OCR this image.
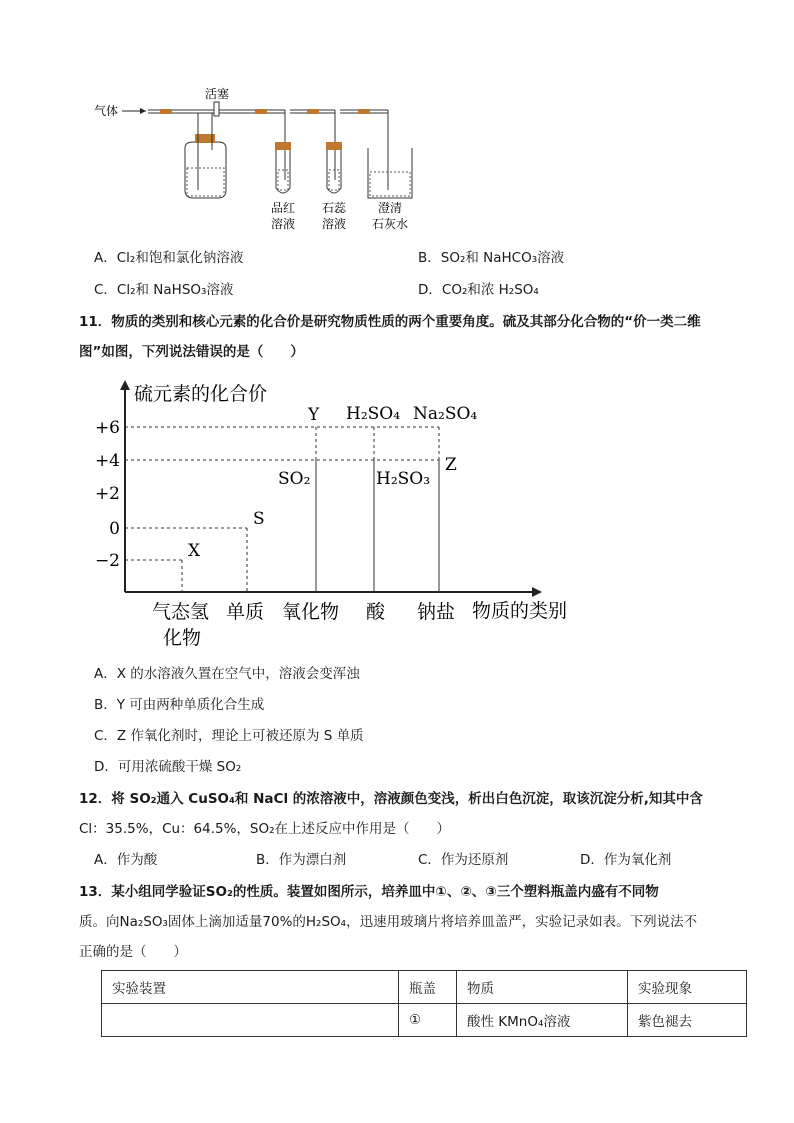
气体
活塞
品红
溶液
石蕊
溶液
澄清
石灰水
A．Cl₂和饱和氯化钠溶液	B．SO₂和 NaHCO₃溶液
C．Cl₂和 NaHSO₃溶液	D．CO₂和浓 H₂SO₄
11．物质的类别和核心元素的化合价是研究物质性质的两个重要角度。硫及其部分化合物的“价一类二维
图”如图，下列说法错误的是（　　）
+6
+4
+2
0
−2
气态氢
化物
单质 氧化物 酸 钠盐
X
S
Y
SO₂
H₂SO₄
H₂SO₃
Na₂SO₄
Z
硫元素的化合价
物质的类别
A．X 的水溶液久置在空气中，溶液会变浑浊
B．Y 可由两种单质化合生成
C．Z 作氧化剂时，理论上可被还原为 S 单质
D．可用浓硫酸干燥 SO₂
12．将 SO₂通入 CuSO₄和 NaCl 的浓溶液中，溶液颜色变浅，析出白色沉淀，取该沉淀分析,知其中含
Cl：35.5%，Cu：64.5%，SO₂在上述反应中作用是（　　）
A．作为酸	B．作为漂白剂	C．作为还原剂	D．作为氧化剂
13．某小组同学验证SO₂的性质。装置如图所示，培养皿中①、②、③三个塑料瓶盖内盛有不同物
质。向Na₂SO₃固体上滴加适量70%的H₂SO₄，迅速用玻璃片将培养皿盖严，实验记录如表。下列说法不
正确的是（　　）
实验装置	瓶盖	物质	实验现象
	①	酸性 KMnO₄溶液	紫色褪去
